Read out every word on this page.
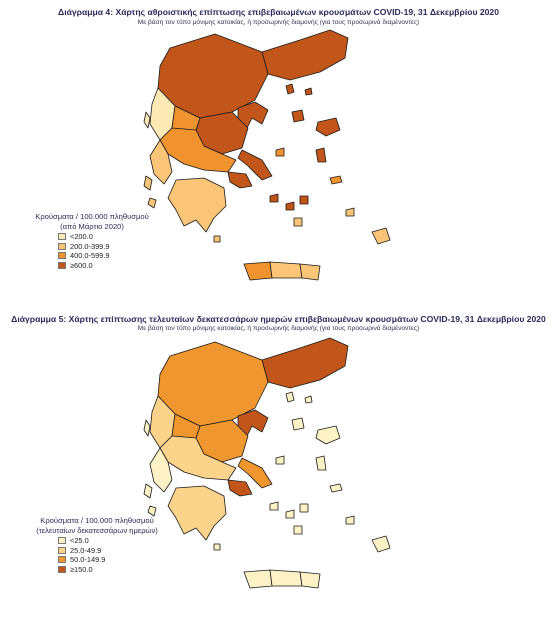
Διάγραμμα 4: Χάρτης αθροιστικής επίπτωσης επιβεβαιωμένων κρουσμάτων COVID-19, 31 Δεκεμβρίου 2020
Με βάση τον τόπο μόνιμης κατοικίας, ή προσωρινής διαμονής (για τους προσωρινά διαμένοντες)
Κρούσματα / 100.000 πληθυσμού
(από Μάρτιο 2020)
<200.0
200.0-399.9
400.0-599.9
≥600.0
Διάγραμμα 5: Χάρτης επίπτωσης τελευταίων δεκατεσσάρων ημερών επιβεβαιωμένων κρουσμάτων COVID-19, 31 Δεκεμβρίου 2020
Με βάση τον τόπο μόνιμης κατοικίας, ή προσωρινής διαμονής (για τους προσωρινά διαμένοντες)
Κρούσματα / 100.000 πληθυσμού
(τελευταίων δεκατεσσάρων ημερών)
<25.0
25.0-49.9
50.0-149.9
≥150.0
